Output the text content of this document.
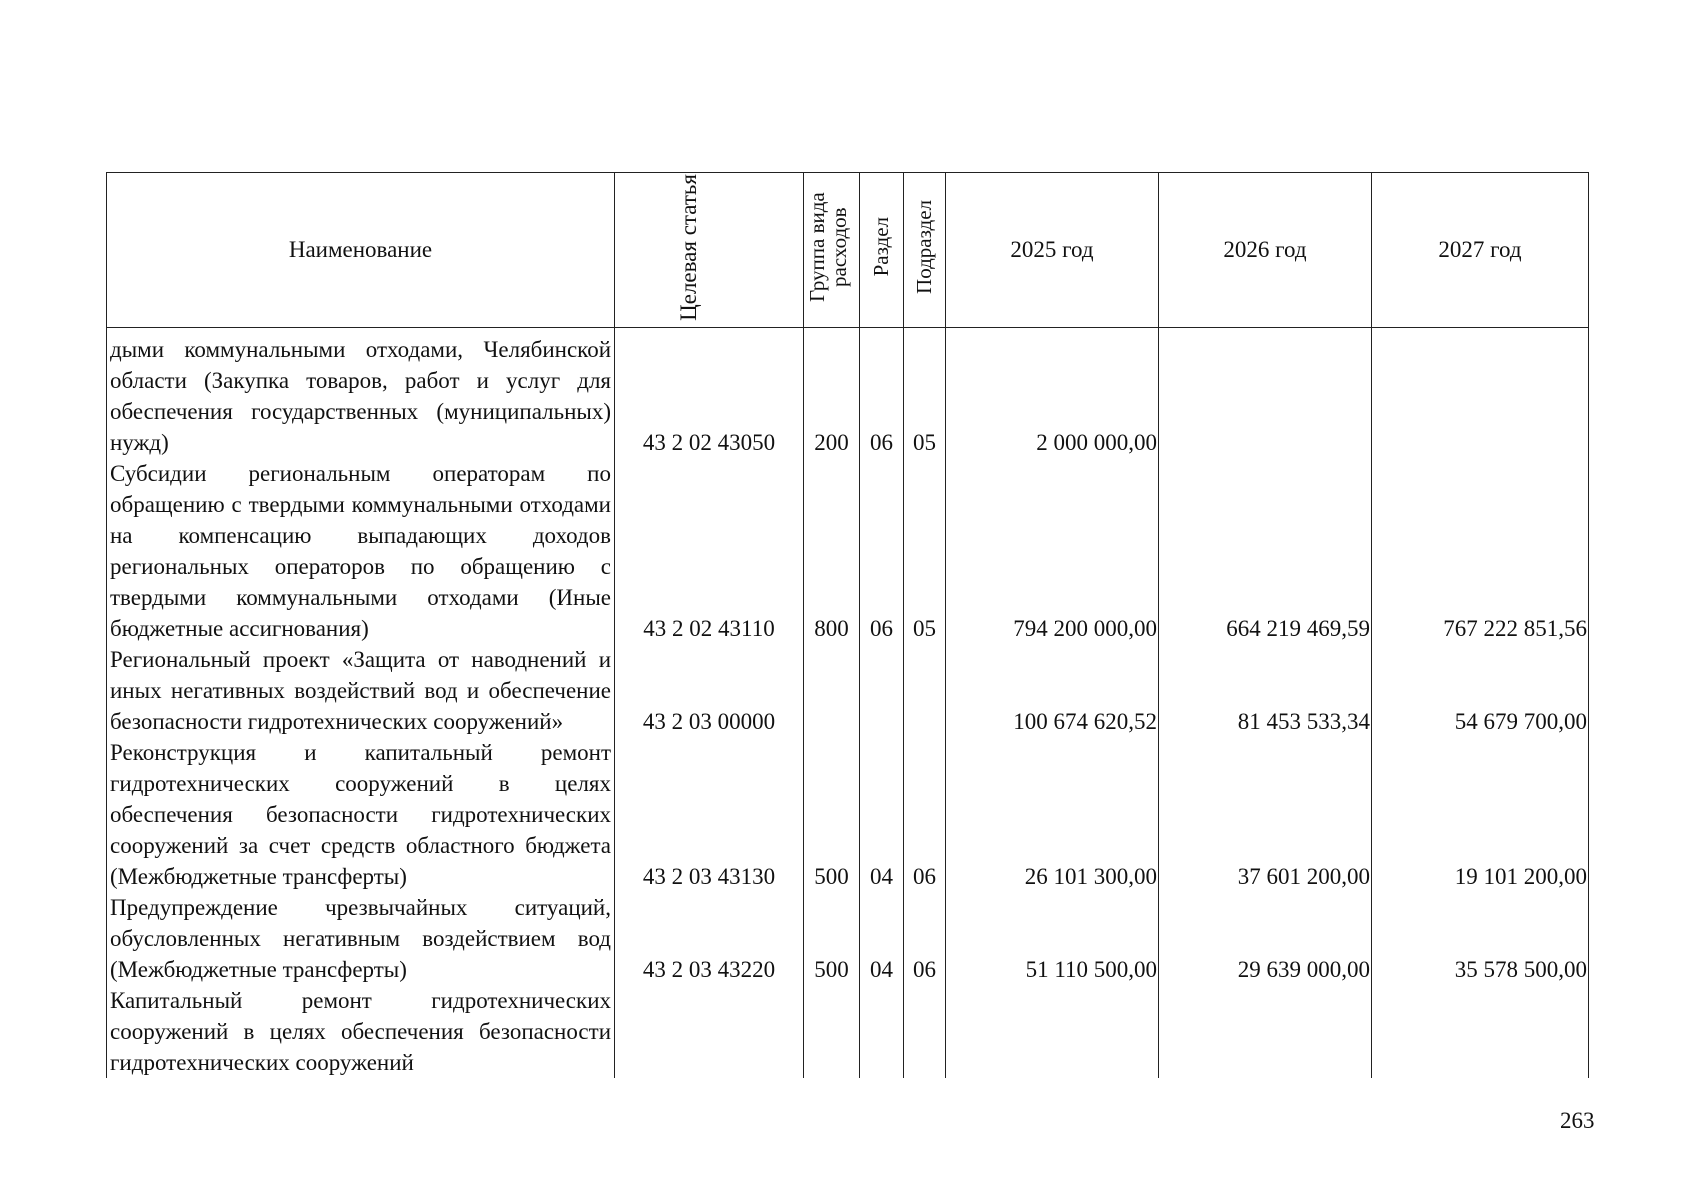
Наименование	Целевая статья	Группа вида расходов	Раздел	Подраздел	2025 год	2026 год	2027 год
дыми коммунальными отходами, Челябинской области (Закупка товаров, работ и услуг для обеспечения государственных (муниципальных) нужд)	43 2 02 43050	200	06	05	2 000 000,00		
Субсидии региональным операторам по обращению с твердыми коммунальными отходами на компенсацию выпадающих доходов региональных операторов по обращению с твердыми коммунальными отходами (Иные бюджетные ассигнования)	43 2 02 43110	800	06	05	794 200 000,00	664 219 469,59	767 222 851,56
Региональный проект «Защита от наводнений и иных негативных воздействий вод и обеспечение безопасности гидротехнических сооружений»	43 2 03 00000				100 674 620,52	81 453 533,34	54 679 700,00
Реконструкция и капитальный ремонт гидротехнических сооружений в целях обеспечения безопасности гидротехнических сооружений за счет средств областного бюджета (Межбюджетные трансферты)	43 2 03 43130	500	04	06	26 101 300,00	37 601 200,00	19 101 200,00
Предупреждение чрезвычайных ситуаций, обусловленных негативным воздействием вод (Межбюджетные трансферты)	43 2 03 43220	500	04	06	51 110 500,00	29 639 000,00	35 578 500,00
Капитальный ремонт гидротехнических сооружений в целях обеспечения безопасности гидротехнических сооружений							
263
